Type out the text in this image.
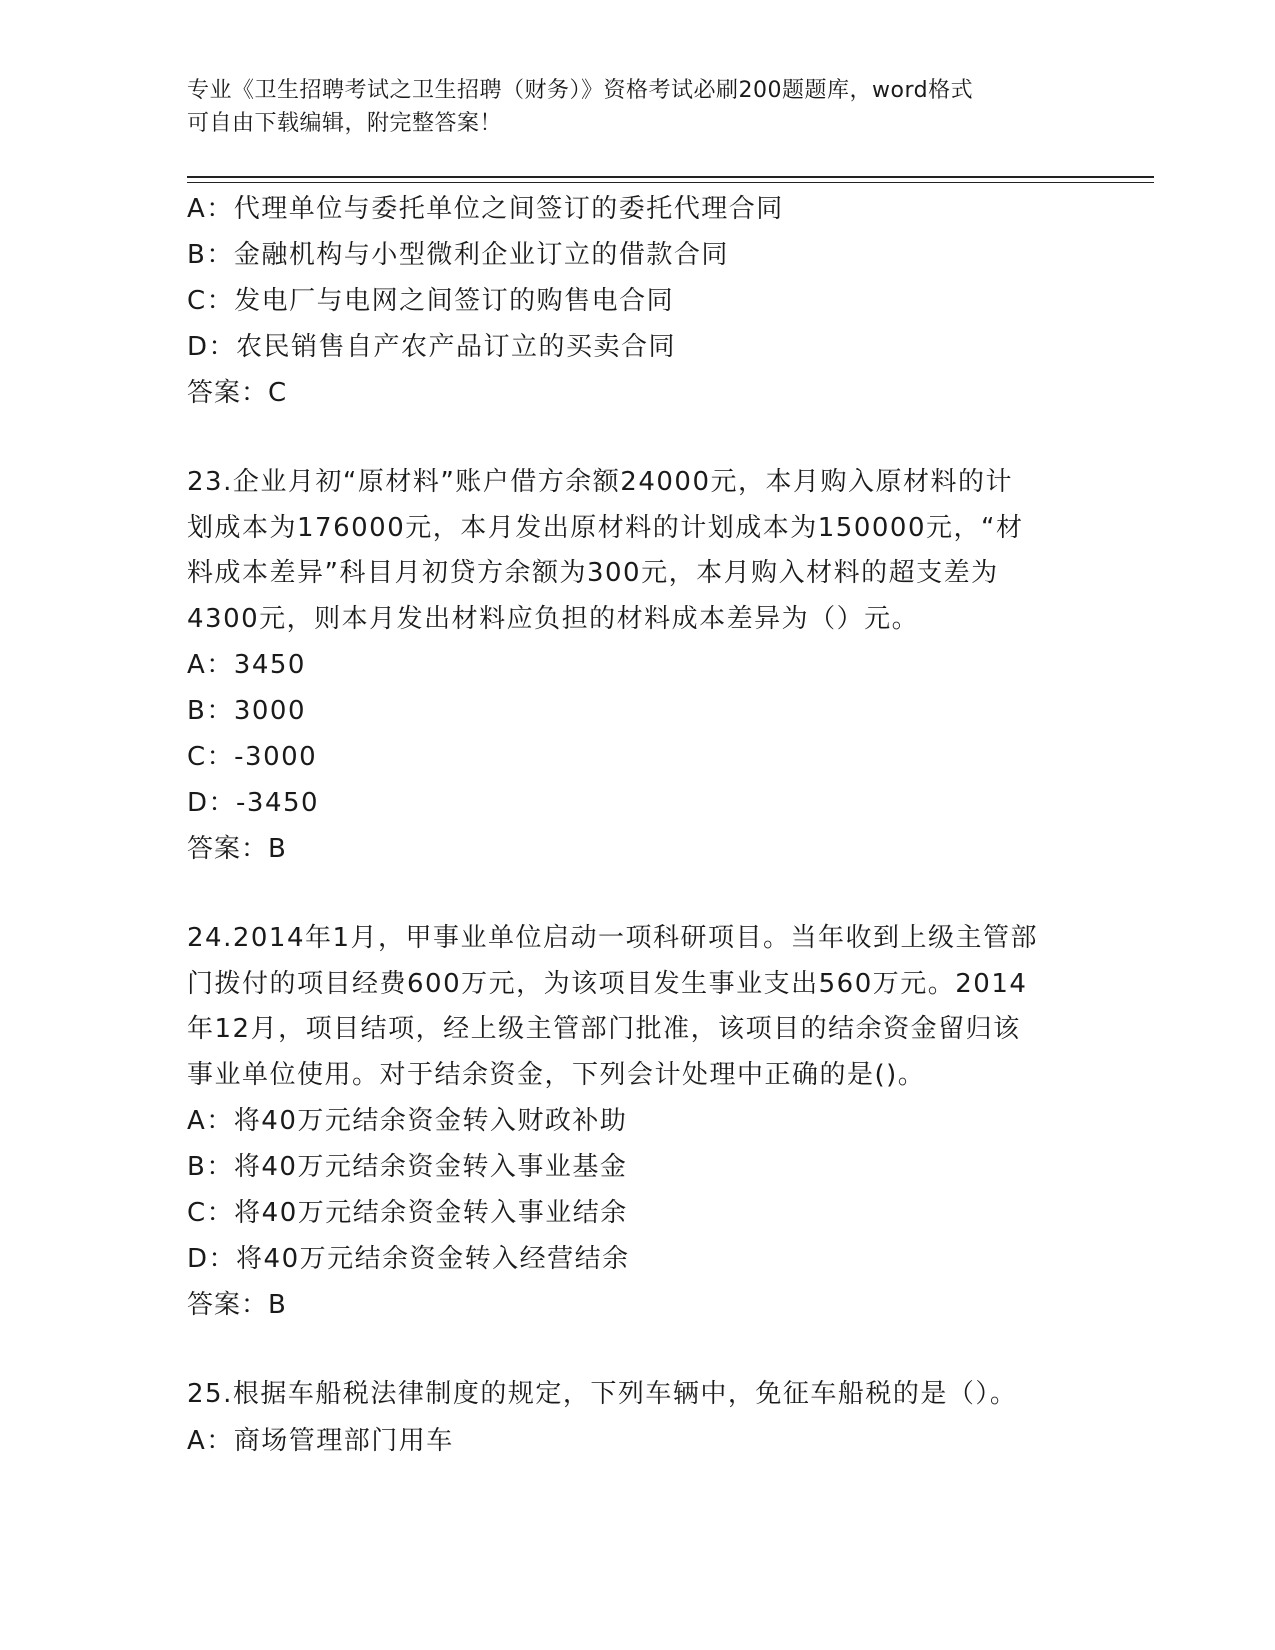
专业《卫生招聘考试之卫生招聘（财务）》资格考试必刷200题题库，word格式
可自由下载编辑，附完整答案！
A：代理单位与委托单位之间签订的委托代理合同
B：金融机构与小型微利企业订立的借款合同
C：发电厂与电网之间签订的购售电合同
D：农民销售自产农产品订立的买卖合同
答案：C
23.企业月初“原材料”账户借方余额24000元，本月购入原材料的计
划成本为176000元，本月发出原材料的计划成本为150000元，“材
料成本差异”科目月初贷方余额为300元，本月购入材料的超支差为
4300元，则本月发出材料应负担的材料成本差异为（）元。
A：3450
B：3000
C：-3000
D：-3450
答案：B
24.2014年1月，甲事业单位启动一项科研项目。当年收到上级主管部
门拨付的项目经费600万元，为该项目发生事业支出560万元。2014
年12月，项目结项，经上级主管部门批准，该项目的结余资金留归该
事业单位使用。对于结余资金，下列会计处理中正确的是()。
A：将40万元结余资金转入财政补助
B：将40万元结余资金转入事业基金
C：将40万元结余资金转入事业结余
D：将40万元结余资金转入经营结余
答案：B
25.根据车船税法律制度的规定，下列车辆中，免征车船税的是（）。
A：商场管理部门用车
